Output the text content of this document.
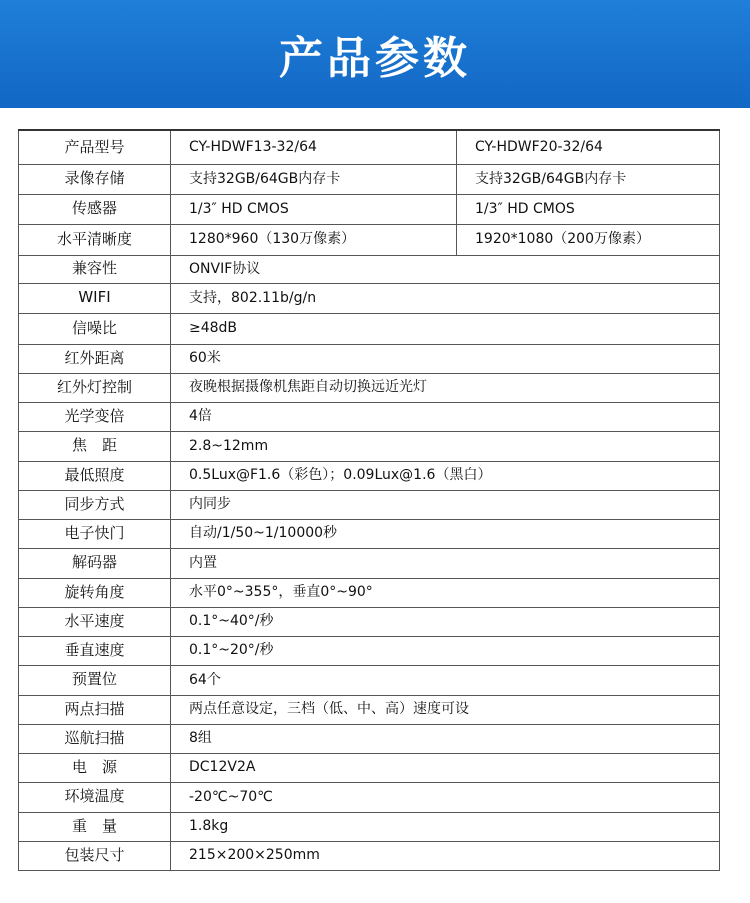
产品参数
产品型号	CY-HDWF13-32/64	CY-HDWF20-32/64
录像存储	支持32GB/64GB内存卡	支持32GB/64GB内存卡
传感器	1/3″ HD CMOS	1/3″ HD CMOS
水平清晰度	1280*960（130万像素）	1920*1080（200万像素）
兼容性	ONVIF协议	
WIFI	支持，802.11b/g/n	
信噪比	≥48dB	
红外距离	60米	
红外灯控制	夜晚根据摄像机焦距自动切换远近光灯	
光学变倍	4倍	
焦　距	2.8~12mm	
最低照度	0.5Lux@F1.6（彩色）；0.09Lux@1.6（黑白）	
同步方式	内同步	
电子快门	自动/1/50~1/10000秒	
解码器	内置	
旋转角度	水平0°~355°，垂直0°~90°	
水平速度	0.1°~40°/秒	
垂直速度	0.1°~20°/秒	
预置位	64个	
两点扫描	两点任意设定，三档（低、中、高）速度可设	
巡航扫描	8组	
电　源	DC12V2A	
环境温度	-20℃~70℃	
重　量	1.8kg	
包装尺寸	215×200×250mm	
